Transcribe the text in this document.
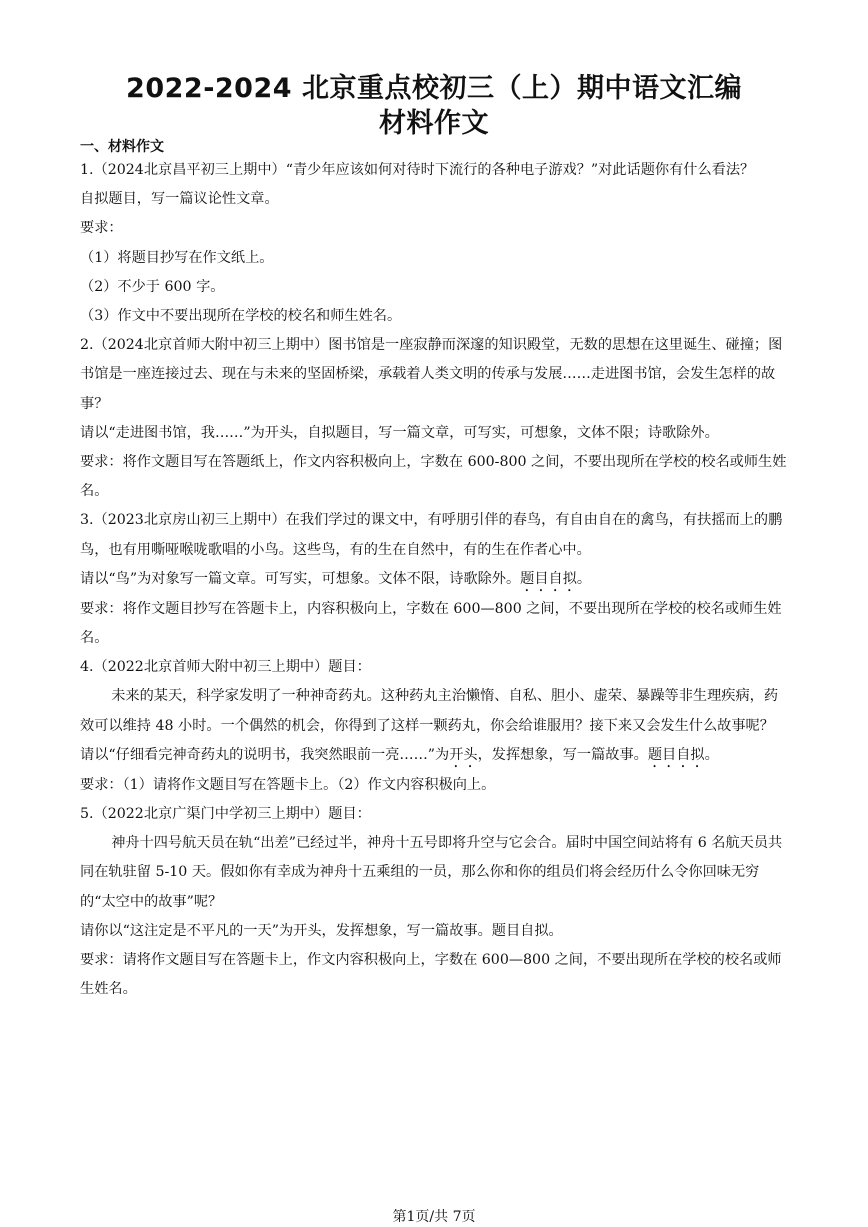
2022-2024 北京重点校初三（上）期中语文汇编
材料作文
一、材料作文

1.（2024北京昌平初三上期中）“青少年应该如何对待时下流行的各种电子游戏？”对此话题你有什么看法？

自拟题目，写一篇议论性文章。

要求：

（1）将题目抄写在作文纸上。

（2）不少于 600 字。

（3）作文中不要出现所在学校的校名和师生姓名。

2.（2024北京首师大附中初三上期中）图书馆是一座寂静而深邃的知识殿堂，无数的思想在这里诞生、碰撞；图书馆是一座连接过去、现在与未来的坚固桥梁，承载着人类文明的传承与发展……走进图书馆，会发生怎样的故事？

请以“走进图书馆，我……”为开头，自拟题目，写一篇文章，可写实，可想象，文体不限；诗歌除外。

要求：将作文题目写在答题纸上，作文内容积极向上，字数在 600-800 之间，不要出现所在学校的校名或师生姓名。

3.（2023北京房山初三上期中）在我们学过的课文中，有呼朋引伴的春鸟，有自由自在的禽鸟，有扶摇而上的鹏鸟，也有用嘶哑喉咙歌唱的小鸟。这些鸟，有的生在自然中，有的生在作者心中。

请以“鸟”为对象写一篇文章。可写实，可想象。文体不限，诗歌除外。题目自拟。

要求：将作文题目抄写在答题卡上，内容积极向上，字数在 600—800 之间，不要出现所在学校的校名或师生姓名。

4.（2022北京首师大附中初三上期中）题目：

未来的某天，科学家发明了一种神奇药丸。这种药丸主治懒惰、自私、胆小、虚荣、暴躁等非生理疾病，药效可以维持 48 小时。一个偶然的机会，你得到了这样一颗药丸，你会给谁服用？接下来又会发生什么故事呢？

请以“仔细看完神奇药丸的说明书，我突然眼前一亮……”为开头，发挥想象，写一篇故事。题目自拟。

要求：（1）请将作文题目写在答题卡上。（2）作文内容积极向上。

5.（2022北京广渠门中学初三上期中）题目：

神舟十四号航天员在轨“出差”已经过半，神舟十五号即将升空与它会合。届时中国空间站将有 6 名航天员共同在轨驻留 5-10 天。假如你有幸成为神舟十五乘组的一员，那么你和你的组员们将会经历什么令你回味无穷的“太空中的故事”呢？

请你以“这注定是不平凡的一天”为开头，发挥想象，写一篇故事。题目自拟。

要求：请将作文题目写在答题卡上，作文内容积极向上，字数在 600—800 之间，不要出现所在学校的校名或师生姓名。

第1页/共 7页
